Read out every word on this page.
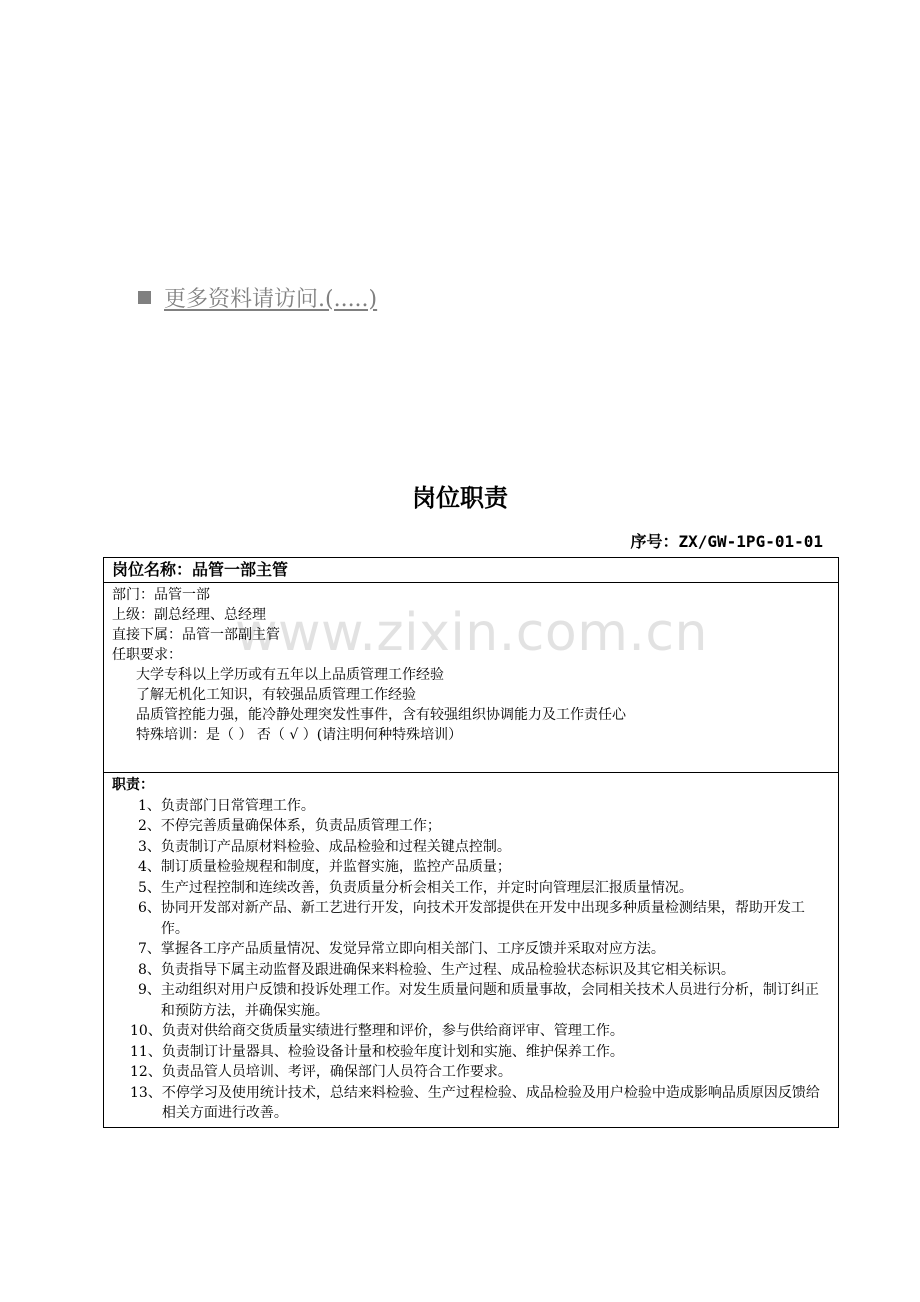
更多资料请访问.(.....)
www.zixin.com.cn
岗位职责
序号：ZX/GW-1PG-01-01
岗位名称：品管一部主管
部门：品管一部
上级：副总经理、总经理
直接下属：品管一部副主管
任职要求：
大学专科以上学历或有五年以上品质管理工作经验
了解无机化工知识，有较强品质管理工作经验
品质管控能力强，能冷静处理突发性事件，含有较强组织协调能力及工作责任心
特殊培训：是（ ） 否（ √ ）(请注明何种特殊培训）
职责：
1、 负责部门日常管理工作。
2、 不停完善质量确保体系，负责品质管理工作；
3、 负责制订产品原材料检验、成品检验和过程关键点控制。
4、 制订质量检验规程和制度，并监督实施，监控产品质量；
5、 生产过程控制和连续改善，负责质量分析会相关工作，并定时向管理层汇报质量情况。
6、 协同开发部对新产品、新工艺进行开发，向技术开发部提供在开发中出现多种质量检测结果，帮助开发工作。
7、 掌握各工序产品质量情况、发觉异常立即向相关部门、工序反馈并采取对应方法。
8、 负责指导下属主动监督及跟进确保来料检验、生产过程、成品检验状态标识及其它相关标识。
9、 主动组织对用户反馈和投诉处理工作。对发生质量问题和质量事故，会同相关技术人员进行分析，制订纠正和预防方法，并确保实施。
10、 负责对供给商交货质量实绩进行整理和评价，参与供给商评审、管理工作。
11、 负责制订计量器具、检验设备计量和校验年度计划和实施、维护保养工作。
12、 负责品管人员培训、考评，确保部门人员符合工作要求。
13、 不停学习及使用统计技术，总结来料检验、生产过程检验、成品检验及用户检验中造成影响品质原因反馈给相关方面进行改善。
